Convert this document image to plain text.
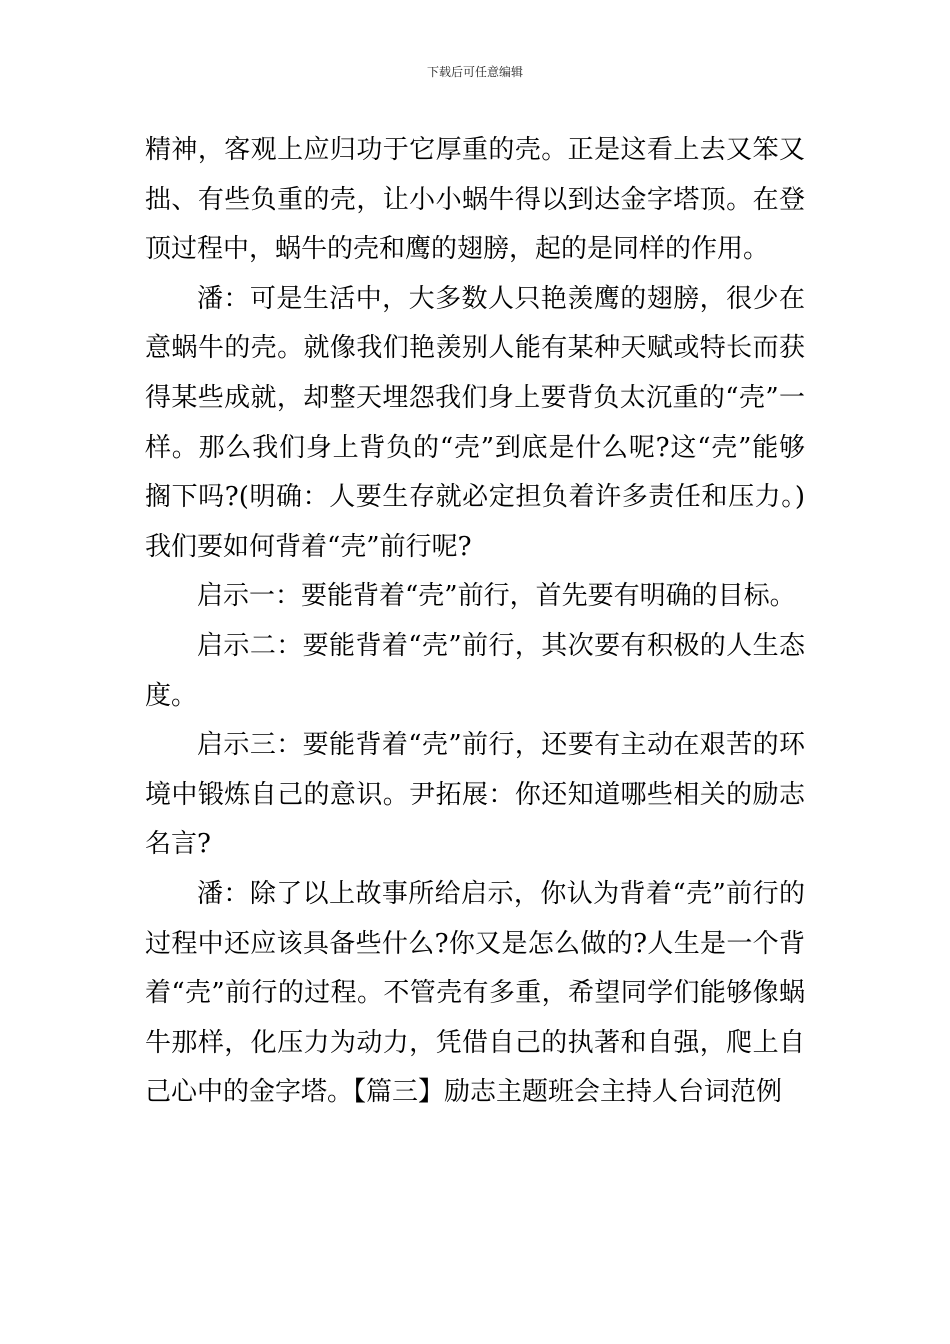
下载后可任意编辑

精神，客观上应归功于它厚重的壳。正是这看上去又笨又拙、有些负重的壳，让小小蜗牛得以到达金字塔顶。在登顶过程中，蜗牛的壳和鹰的翅膀，起的是同样的作用。

潘：可是生活中，大多数人只艳羡鹰的翅膀，很少在意蜗牛的壳。就像我们艳羡别人能有某种天赋或特长而获得某些成就，却整天埋怨我们身上要背负太沉重的“壳”一样。那么我们身上背负的“壳”到底是什么呢?这“壳”能够搁下吗?(明确：人要生存就必定担负着许多责任和压力。)我们要如何背着“壳”前行呢?

启示一：要能背着“壳”前行，首先要有明确的目标。

启示二：要能背着“壳”前行，其次要有积极的人生态度。

启示三：要能背着“壳”前行，还要有主动在艰苦的环境中锻炼自己的意识。尹拓展：你还知道哪些相关的励志名言?

潘：除了以上故事所给启示，你认为背着“壳”前行的过程中还应该具备些什么?你又是怎么做的?人生是一个背着“壳”前行的过程。不管壳有多重，希望同学们能够像蜗牛那样，化压力为动力，凭借自己的执著和自强，爬上自己心中的金字塔。【篇三】励志主题班会主持人台词范例
